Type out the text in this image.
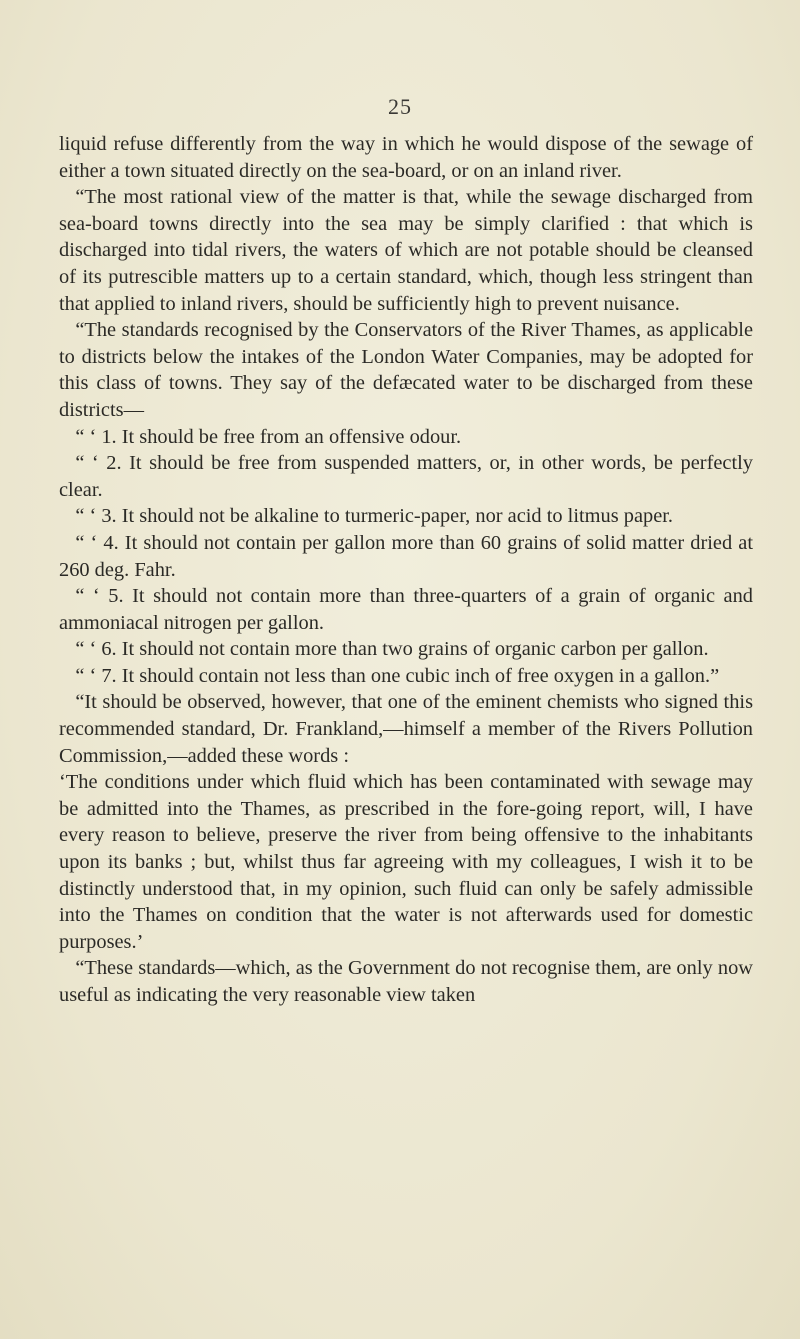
25

liquid refuse differently from the way in which he would dispose of the sewage of either a town situated directly on the sea-board, or on an inland river.

“The most rational view of the matter is that, while the sewage discharged from sea-board towns directly into the sea may be simply clarified : that which is discharged into tidal rivers, the waters of which are not potable should be cleansed of its putrescible matters up to a certain standard, which, though less stringent than that applied to inland rivers, should be sufficiently high to prevent nuisance.

“The standards recognised by the Conservators of the River Thames, as applicable to districts below the intakes of the London Water Companies, may be adopted for this class of towns. They say of the defæcated water to be discharged from these districts—

“ ‘ 1. It should be free from an offensive odour.

“ ‘ 2. It should be free from suspended matters, or, in other words, be perfectly clear.

“ ‘ 3. It should not be alkaline to turmeric-paper, nor acid to litmus paper.

“ ‘ 4. It should not contain per gallon more than 60 grains of solid matter dried at 260 deg. Fahr.

“ ‘ 5. It should not contain more than three-quarters of a grain of organic and ammoniacal nitrogen per gallon.

“ ‘ 6. It should not contain more than two grains of organic carbon per gallon.

“ ‘ 7. It should contain not less than one cubic inch of free oxygen in a gallon.”

“It should be observed, however, that one of the eminent chemists who signed this recommended standard, Dr. Frankland,—himself a member of the Rivers Pollution Commission,—added these words :

‘The conditions under which fluid which has been contaminated with sewage may be admitted into the Thames, as prescribed in the fore-going report, will, I have every reason to believe, preserve the river from being offensive to the inhabitants upon its banks ; but, whilst thus far agreeing with my colleagues, I wish it to be distinctly understood that, in my opinion, such fluid can only be safely admissible into the Thames on condition that the water is not afterwards used for domestic purposes.’

“These standards—which, as the Government do not recognise them, are only now useful as indicating the very reasonable view taken
